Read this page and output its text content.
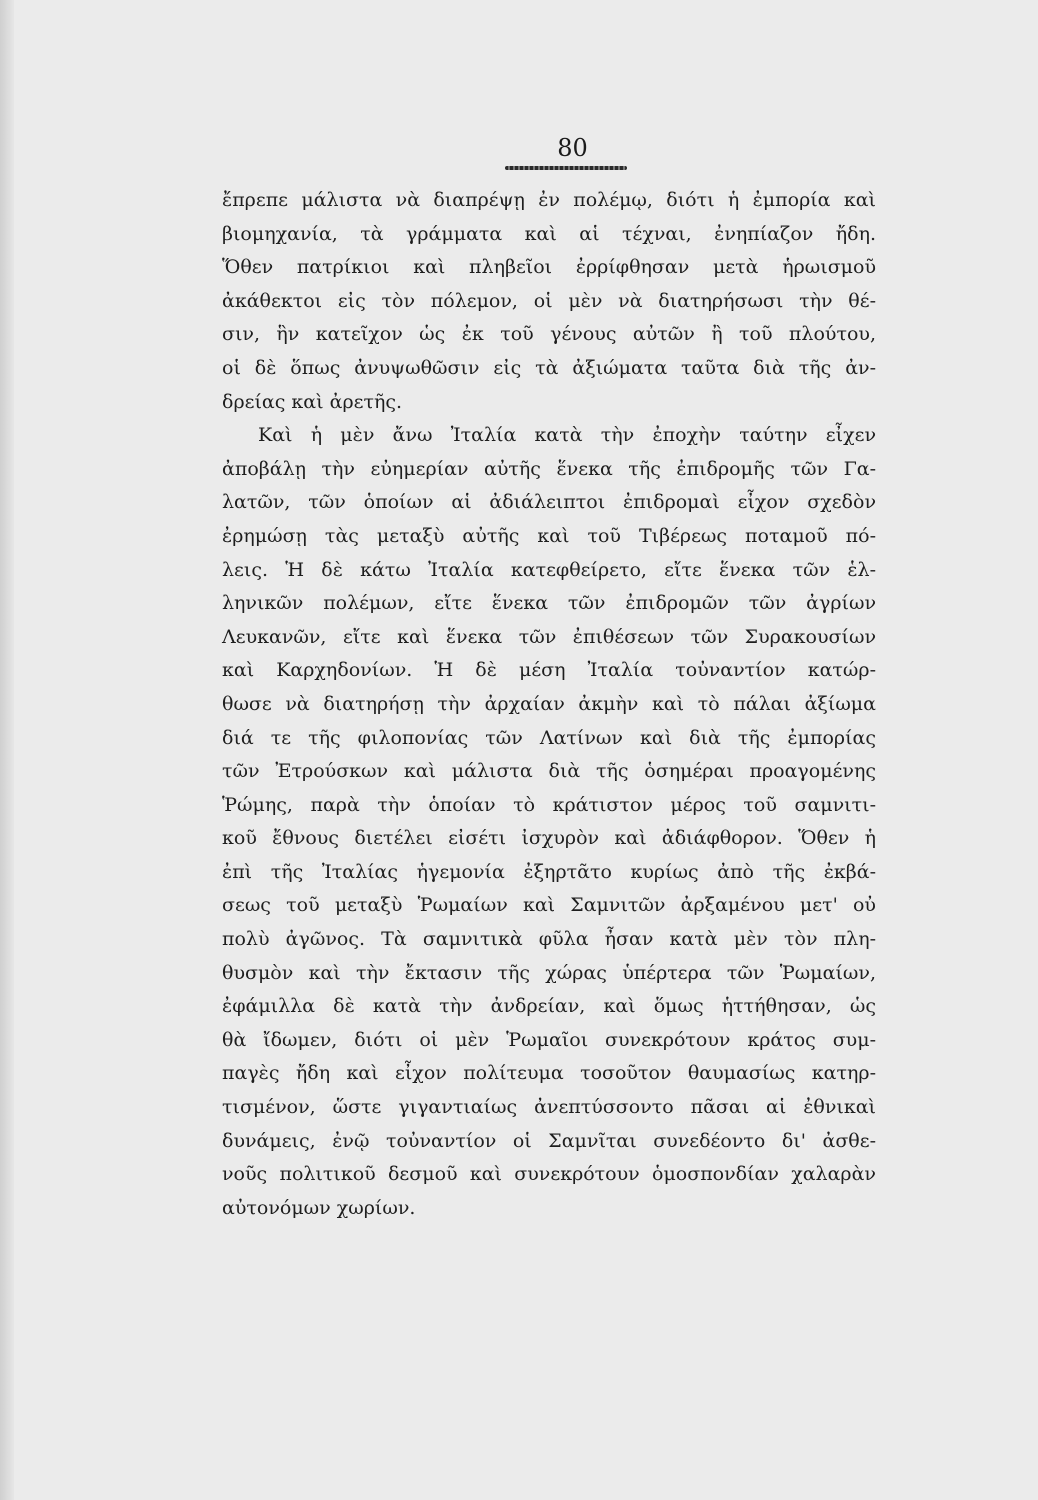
80
ἔπρεπε μάλιστα νὰ διαπρέψῃ ἐν πολέμῳ, διότι ἡ ἐμπορία καὶ
βιομηχανία, τὰ γράμματα καὶ αἱ τέχναι, ἐνηπίαζον ἤδη.
Ὅθεν πατρίκιοι καὶ πληβεῖοι ἐρρίφθησαν μετὰ ἡρωισμοῦ
ἀκάθεκτοι εἰς τὸν πόλεμον, οἱ μὲν νὰ διατηρήσωσι τὴν θέ-
σιν, ἣν κατεῖχον ὡς ἐκ τοῦ γένους αὐτῶν ἢ τοῦ πλούτου,
οἱ δὲ ὅπως ἀνυψωθῶσιν εἰς τὰ ἀξιώματα ταῦτα διὰ τῆς ἀν-
δρείας καὶ ἀρετῆς.
Καὶ ἡ μὲν ἄνω Ἰταλία κατὰ τὴν ἐποχὴν ταύτην εἶχεν
ἀποβάλῃ τὴν εὐημερίαν αὐτῆς ἕνεκα τῆς ἐπιδρομῆς τῶν Γα-
λατῶν, τῶν ὁποίων αἱ ἀδιάλειπτοι ἐπιδρομαὶ εἶχον σχεδὸν
ἐρημώσῃ τὰς μεταξὺ αὐτῆς καὶ τοῦ Τιβέρεως ποταμοῦ πό-
λεις. Ἡ δὲ κάτω Ἰταλία κατεφθείρετο, εἴτε ἕνεκα τῶν ἑλ-
ληνικῶν πολέμων, εἴτε ἕνεκα τῶν ἐπιδρομῶν τῶν ἀγρίων
Λευκανῶν, εἴτε καὶ ἕνεκα τῶν ἐπιθέσεων τῶν Συρακουσίων
καὶ Καρχηδονίων. Ἡ δὲ μέση Ἰταλία τοὐναντίον κατώρ-
θωσε νὰ διατηρήσῃ τὴν ἀρχαίαν ἀκμὴν καὶ τὸ πάλαι ἀξίωμα
διά τε τῆς φιλοπονίας τῶν Λατίνων καὶ διὰ τῆς ἐμπορίας
τῶν Ἐτρούσκων καὶ μάλιστα διὰ τῆς ὁσημέραι προαγομένης
Ῥώμης, παρὰ τὴν ὁποίαν τὸ κράτιστον μέρος τοῦ σαμνιτι-
κοῦ ἔθνους διετέλει εἰσέτι ἰσχυρὸν καὶ ἀδιάφθορον. Ὅθεν ἡ
ἐπὶ τῆς Ἰταλίας ἡγεμονία ἐξηρτᾶτο κυρίως ἀπὸ τῆς ἐκβά-
σεως τοῦ μεταξὺ Ῥωμαίων καὶ Σαμνιτῶν ἀρξαμένου μετ' οὐ
πολὺ ἀγῶνος. Τὰ σαμνιτικὰ φῦλα ἦσαν κατὰ μὲν τὸν πλη-
θυσμὸν καὶ τὴν ἔκτασιν τῆς χώρας ὑπέρτερα τῶν Ῥωμαίων,
ἐφάμιλλα δὲ κατὰ τὴν ἀνδρείαν, καὶ ὅμως ἡττήθησαν, ὡς
θὰ ἴδωμεν, διότι οἱ μὲν Ῥωμαῖοι συνεκρότουν κράτος συμ-
παγὲς ἤδη καὶ εἶχον πολίτευμα τοσοῦτον θαυμασίως κατηρ-
τισμένον, ὥστε γιγαντιαίως ἀνεπτύσσοντο πᾶσαι αἱ ἐθνικαὶ
δυνάμεις, ἐνῷ τοὐναντίον οἱ Σαμνῖται συνεδέοντο δι' ἀσθε-
νοῦς πολιτικοῦ δεσμοῦ καὶ συνεκρότουν ὁμοσπονδίαν χαλαρὰν
αὐτονόμων χωρίων.
